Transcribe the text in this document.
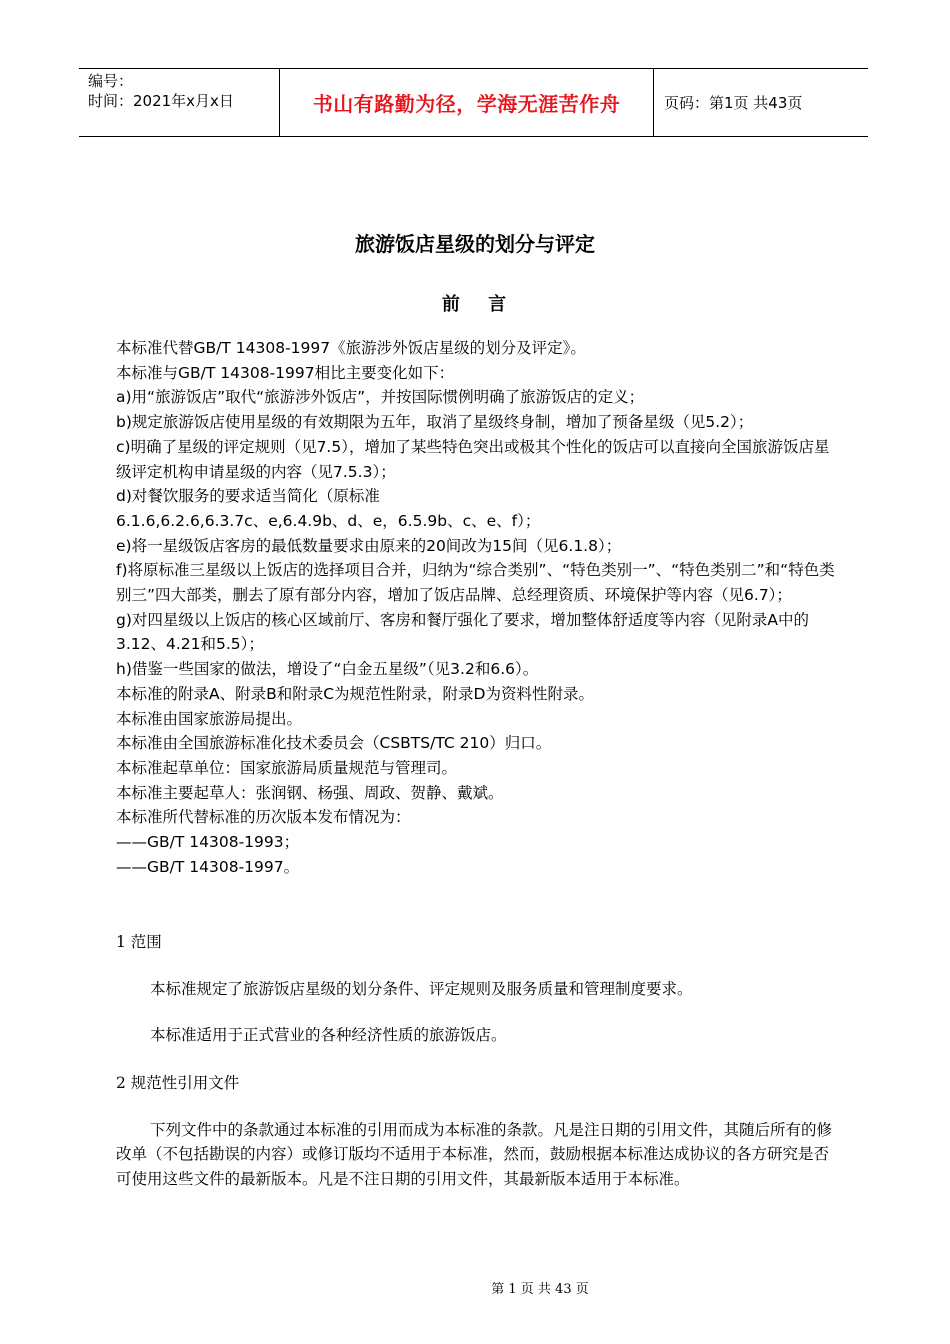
编号：
时间：2021年x月x日	书山有路勤为径，学海无涯苦作舟	页码：第1页 共43页
旅游饭店星级的划分与评定
前 言

本标准代替GB/T 14308-1997《旅游涉外饭店星级的划分及评定》。

本标准与GB/T 14308-1997相比主要变化如下：

a)用“旅游饭店”取代“旅游涉外饭店”，并按国际惯例明确了旅游饭店的定义；

b)规定旅游饭店使用星级的有效期限为五年，取消了星级终身制，增加了预备星级（见5.2）；

c)明确了星级的评定规则（见7.5），增加了某些特色突出或极其个性化的饭店可以直接向全国旅游饭店星级评定机构申请星级的内容（见7.5.3）；

d)对餐饮服务的要求适当简化（原标准

6.1.6,6.2.6,6.3.7c、e,6.4.9b、d、e，6.5.9b、c、e、f）；

e)将一星级饭店客房的最低数量要求由原来的20间改为15间（见6.1.8）；

f)将原标准三星级以上饭店的选择项目合并，归纳为“综合类别”、“特色类别一”、“特色类别二”和“特色类别三”四大部类，删去了原有部分内容，增加了饭店品牌、总经理资质、环境保护等内容（见6.7）；

g)对四星级以上饭店的核心区域前厅、客房和餐厅强化了要求，增加整体舒适度等内容（见附录A中的3.12、4.21和5.5）；

h)借鉴一些国家的做法，增设了“白金五星级”（见3.2和6.6）。

本标准的附录A、附录B和附录C为规范性附录，附录D为资料性附录。

本标准由国家旅游局提出。

本标准由全国旅游标准化技术委员会（CSBTS/TC 210）归口。

本标准起草单位：国家旅游局质量规范与管理司。

本标准主要起草人：张润钢、杨强、周政、贺静、戴斌。

本标准所代替标准的历次版本发布情况为：

——GB/T 14308-1993；

——GB/T 14308-1997。

1 范围

本标准规定了旅游饭店星级的划分条件、评定规则及服务质量和管理制度要求。

本标准适用于正式营业的各种经济性质的旅游饭店。

2 规范性引用文件

下列文件中的条款通过本标准的引用而成为本标准的条款。凡是注日期的引用文件，其随后所有的修改单（不包括勘误的内容）或修订版均不适用于本标准，然而，鼓励根据本标准达成协议的各方研究是否可使用这些文件的最新版本。凡是不注日期的引用文件，其最新版本适用于本标准。

第 1 页 共 43 页
